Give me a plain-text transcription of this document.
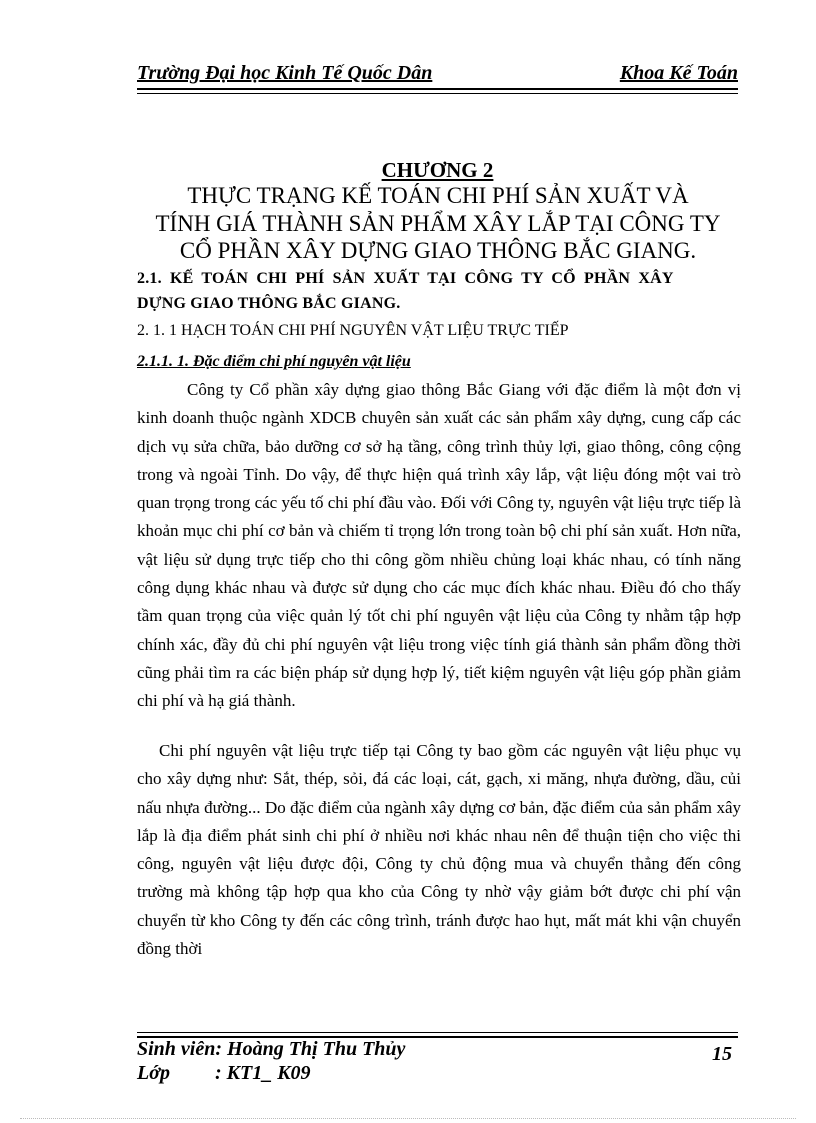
Trường Đại học Kinh Tế Quốc Dân	Khoa Kế Toán
CHƯƠNG 2
THỰC TRẠNG KẾ TOÁN CHI PHÍ SẢN XUẤT VÀ
TÍNH GIÁ THÀNH SẢN PHẨM XÂY LẮP TẠI CÔNG TY
CỔ PHẦN XÂY DỰNG GIAO THÔNG BẮC GIANG.
2.1. KẾ TOÁN CHI PHÍ SẢN XUẤT TẠI CÔNG TY CỔ PHẦN XÂY
DỰNG GIAO THÔNG BẮC GIANG.
2. 1. 1 HẠCH TOÁN CHI PHÍ NGUYÊN VẬT LIỆU TRỰC TIẾP
2.1.1. 1. Đặc điểm chi phí nguyên vật liệu
Công ty Cổ phần xây dựng giao thông Bắc Giang với đặc điểm là một đơn vị kinh doanh thuộc ngành XDCB chuyên sản xuất các sản phẩm xây dựng, cung cấp các dịch vụ sửa chữa, bảo dưỡng cơ sở hạ tầng, công trình thủy lợi, giao thông, công cộng trong và ngoài Tỉnh. Do vậy, để thực hiện quá trình xây lắp, vật liệu đóng một vai trò quan trọng trong các yếu tố chi phí đầu vào. Đối với Công ty, nguyên vật liệu trực tiếp là khoản mục chi phí cơ bản và chiếm tỉ trọng lớn trong toàn bộ chi phí sản xuất. Hơn nữa, vật liệu sử dụng trực tiếp cho thi công gồm nhiều chủng loại khác nhau, có tính năng công dụng khác nhau và được sử dụng cho các mục đích khác nhau. Điều đó cho thấy tầm quan trọng của việc quản lý tốt chi phí nguyên vật liệu của Công ty nhằm tập hợp chính xác, đầy đủ chi phí nguyên vật liệu trong việc tính giá thành sản phẩm đồng thời cũng phải tìm ra các biện pháp sử dụng hợp lý, tiết kiệm nguyên vật liệu góp phần giảm chi phí và hạ giá thành.
Chi phí nguyên vật liệu trực tiếp tại Công ty bao gồm các nguyên vật liệu phục vụ cho xây dựng như: Sắt, thép, sỏi, đá các loại, cát, gạch, xi măng, nhựa đường, dầu, củi nấu nhựa đường... Do đặc điểm của ngành xây dựng cơ bản, đặc điểm của sản phẩm xây lắp là địa điểm phát sinh chi phí ở nhiều nơi khác nhau nên để thuận tiện cho việc thi công, nguyên vật liệu được đội, Công ty chủ động mua và chuyển thẳng đến công trường mà không tập hợp qua kho của Công ty nhờ vậy giảm bớt được chi phí vận chuyển từ kho Công ty đến các công trình, tránh được hao hụt, mất mát khi vận chuyển đồng thời
Sinh viên: Hoàng Thị Thu Thủy
Lớp : KT1_ K09
15
